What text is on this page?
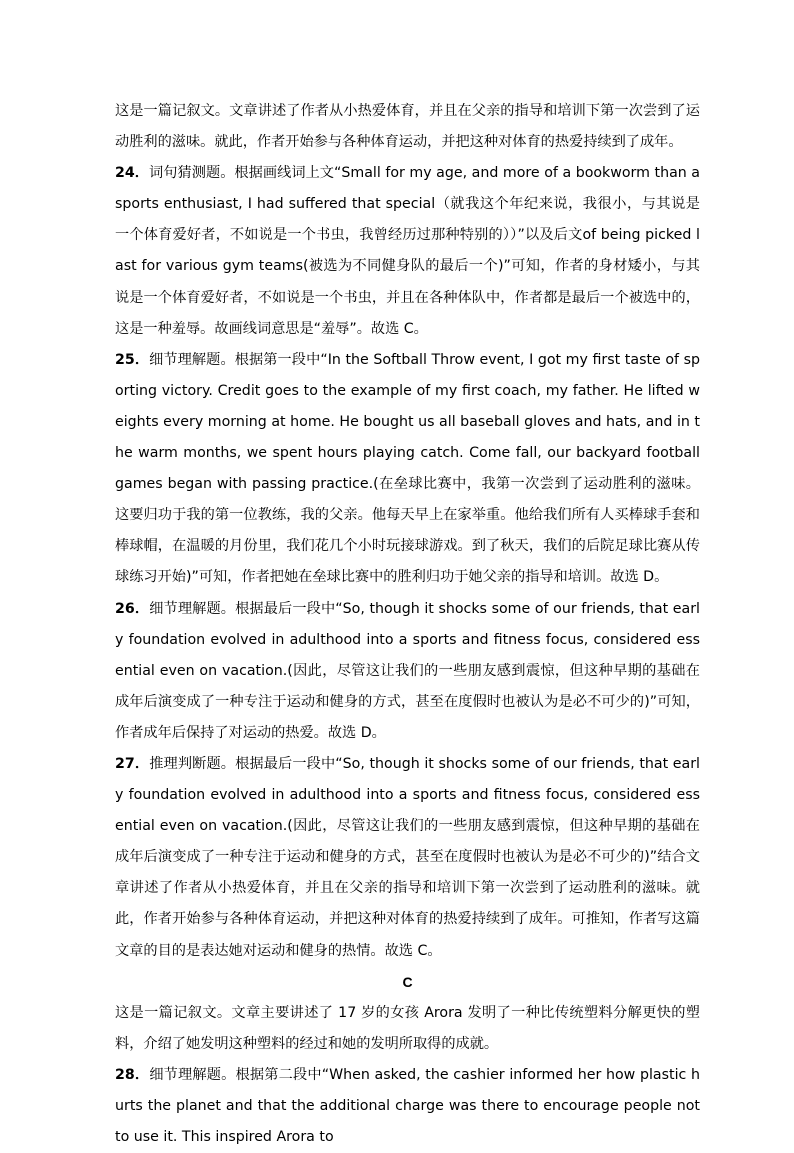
这是一篇记叙文。文章讲述了作者从小热爱体育，并且在父亲的指导和培训下第一次尝到了运动胜利的滋味。就此，作者开始参与各种体育运动，并把这种对体育的热爱持续到了成年。

24．词句猜测题。根据画线词上文“Small for my age, and more of a bookworm than a sports enthusiast, I had suffered that special（就我这个年纪来说，我很小，与其说是一个体育爱好者，不如说是一个书虫，我曾经历过那种特别的））”以及后文of being picked last for various gym teams(被选为不同健身队的最后一个)”可知，作者的身材矮小，与其说是一个体育爱好者，不如说是一个书虫，并且在各种体队中，作者都是最后一个被选中的，这是一种羞辱。故画线词意思是“羞辱”。故选 C。

25．细节理解题。根据第一段中“In the Softball Throw event, I got my first taste of sporting victory. Credit goes to the example of my first coach, my father. He lifted weights every morning at home. He bought us all baseball gloves and hats, and in the warm months, we spent hours playing catch. Come fall, our backyard football games began with passing practice.(在垒球比赛中，我第一次尝到了运动胜利的滋味。这要归功于我的第一位教练，我的父亲。他每天早上在家举重。他给我们所有人买棒球手套和棒球帽，在温暖的月份里，我们花几个小时玩接球游戏。到了秋天，我们的后院足球比赛从传球练习开始)”可知，作者把她在垒球比赛中的胜利归功于她父亲的指导和培训。故选 D。

26．细节理解题。根据最后一段中“So, though it shocks some of our friends, that early foundation evolved in adulthood into a sports and fitness focus, considered essential even on vacation.(因此，尽管这让我们的一些朋友感到震惊，但这种早期的基础在成年后演变成了一种专注于运动和健身的方式，甚至在度假时也被认为是必不可少的)”可知，作者成年后保持了对运动的热爱。故选 D。

27．推理判断题。根据最后一段中“So, though it shocks some of our friends, that early foundation evolved in adulthood into a sports and fitness focus, considered essential even on vacation.(因此，尽管这让我们的一些朋友感到震惊，但这种早期的基础在成年后演变成了一种专注于运动和健身的方式，甚至在度假时也被认为是必不可少的)”结合文章讲述了作者从小热爱体育，并且在父亲的指导和培训下第一次尝到了运动胜利的滋味。就此，作者开始参与各种体育运动，并把这种对体育的热爱持续到了成年。可推知，作者写这篇文章的目的是表达她对运动和健身的热情。故选 C。

C

这是一篇记叙文。文章主要讲述了 17 岁的女孩 Arora 发明了一种比传统塑料分解更快的塑料，介绍了她发明这种塑料的经过和她的发明所取得的成就。

28．细节理解题。根据第二段中“When asked, the cashier informed her how plastic hurts the planet and that the additional charge was there to encourage people not to use it. This inspired Arora to
